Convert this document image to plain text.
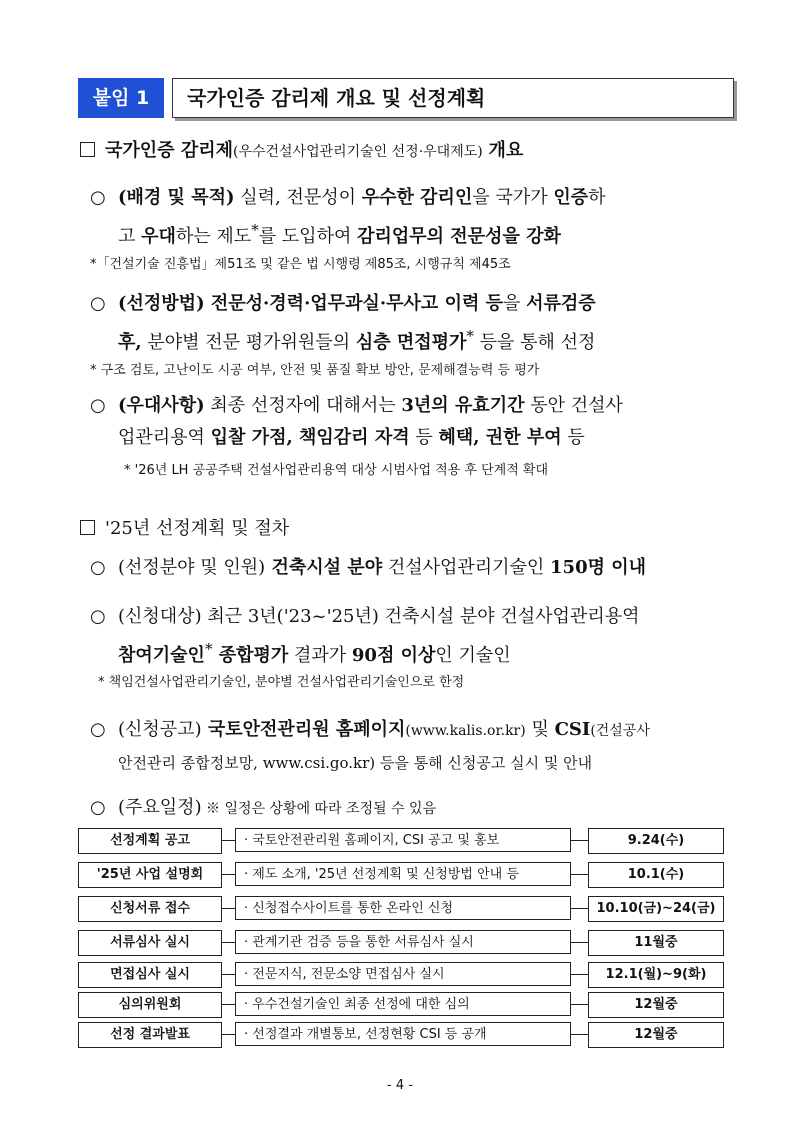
붙임 1	국가인증 감리제 개요 및 선정계획
국가인증 감리제(우수건설사업관리기술인 선정·우대제도) 개요
○ (배경 및 목적) 실력, 전문성이 우수한 감리인을 국가가 인증하
고 우대하는 제도*를 도입하여 감리업무의 전문성을 강화
*「건설기술 진흥법」제51조 및 같은 법 시행령 제85조, 시행규칙 제45조
○ (선정방법) 전문성·경력·업무과실·무사고 이력 등을 서류검증
후, 분야별 전문 평가위원들의 심층 면접평가* 등을 통해 선정
* 구조 검토, 고난이도 시공 여부, 안전 및 품질 확보 방안, 문제해결능력 등 평가
○ (우대사항) 최종 선정자에 대해서는 3년의 유효기간 동안 건설사
업관리용역 입찰 가점, 책임감리 자격 등 혜택, 권한 부여 등
* '26년 LH 공공주택 건설사업관리용역 대상 시범사업 적용 후 단계적 확대
'25년 선정계획 및 절차
○ (선정분야 및 인원) 건축시설 분야 건설사업관리기술인 150명 이내
○ (신청대상) 최근 3년('23~'25년) 건축시설 분야 건설사업관리용역
참여기술인* 종합평가 결과가 90점 이상인 기술인
* 책임건설사업관리기술인, 분야별 건설사업관리기술인으로 한정
○ (신청공고) 국토안전관리원 홈페이지(www.kalis.or.kr) 및 CSI(건설공사
안전관리 종합정보망, www.csi.go.kr) 등을 통해 신청공고 실시 및 안내
○ (주요일정) ※ 일정은 상황에 따라 조정될 수 있음
선정계획 공고	· 국토안전관리원 홈페이지, CSI 공고 및 홍보	9.24(수)
'25년 사업 설명회	· 제도 소개, '25년 선정계획 및 신청방법 안내 등	10.1(수)
신청서류 접수	· 신청접수사이트를 통한 온라인 신청	10.10(금)~24(금)
서류심사 실시	· 관계기관 검증 등을 통한 서류심사 실시	11월중
면접심사 실시	· 전문지식, 전문소양 면접심사 실시	12.1(월)~9(화)
심의위원회	· 우수건설기술인 최종 선정에 대한 심의	12월중
선정 결과발표	· 선정결과 개별통보, 선정현황 CSI 등 공개	12월중
- 4 -
